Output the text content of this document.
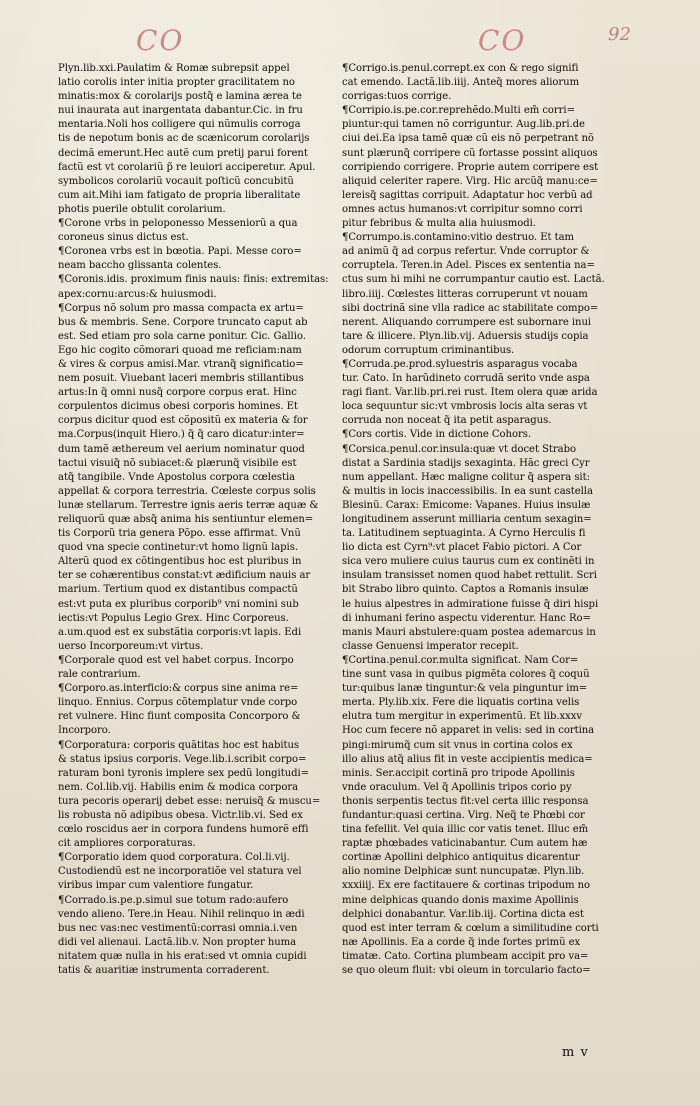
CO	CO	92
Plyn.lib.xxi.Paulatim & Romæ subrepsit appel
latio corolis inter initia propter gracilitatem no
minatis:mox & corolarijs postq̃ e lamina ærea te
nui inaurata aut inargentata dabantur.Cic. in fru
mentaria.Noli hos colligere qui nũmulis corroga
tis de nepotum bonis ac de scænicorum corolarijs
decimã emerunt.Hec autẽ cum pretij parui forent
factũ est vt corolariũ p̃ re leuiori acciperetur. Apul.
symbolicos corolariũ vocauit poſticũ concubitũ
cum ait.Mihi iam fatigato de propria liberalitate
photis puerile obtulit corolarium.
¶Corone vrbs in peloponesso Messeniorũ a qua
coroneus sinus dictus est.
¶Coronea vrbs est in bœotia. Papi. Messe coro=
neam baccho glissanta colentes.
¶Coronis.idis. proximum finis nauis: finis: extremitas:
apex:cornu:arcus:& huiusmodi.
¶Corpus nõ solum pro massa compacta ex artu=
bus & membris. Sene. Corpore truncato caput ab
est. Sed etiam pro sola carne ponitur. Cic. Gallio.
Ego hic cogito cõmorari quoad me reficiam:nam
& vires & corpus amisi.Mar. vtranq̃ significatio=
nem posuit. Viuebant laceri membris stillantibus
artus:In q̃ omni nusq̃ corpore corpus erat. Hinc
corpulentos dicimus obesi corporis homines. Et
corpus dicitur quod est cõpositũ ex materia & for
ma.Corpus(inquit Hiero.) q̃ q̃ caro dicatur:inter=
dum tamẽ æthereum vel aerium nominatur quod
tactui visuiq̃ nõ subiacet:& plærunq̃ visibile est
atq̃ tangibile. Vnde Apostolus corpora cœlestia
appellat & corpora terrestria. Cœleste corpus solis
lunæ stellarum. Terrestre ignis aeris terræ aquæ &
reliquorũ quæ absq̃ anima his sentiuntur elemen=
tis Corporũ tria genera Põpo. esse affirmat. Vnũ
quod vna specie continetur:vt homo lignũ lapis.
Alterũ quod ex cõtingentibus hoc est pluribus in
ter se cohærentibus constat:vt ædificium nauis ar
marium. Tertium quod ex distantibus compactũ
est:vt puta ex pluribus corporib⁹ vni nomini sub
iectis:vt Populus Legio Grex. Hinc Corporeus.
a.um.quod est ex substãtia corporis:vt lapis. Edi
uerso Incorporeum:vt virtus.
¶Corporale quod est vel habet corpus. Incorpo
rale contrarium.
¶Corporo.as.interficio:& corpus sine anima re=
linquo. Ennius. Corpus cõtemplatur vnde corpo
ret vulnere. Hinc fiunt composita Concorporo &
Incorporo.
¶Corporatura: corporis quãtitas hoc est habitus
& status ipsius corporis. Vege.lib.i.scribit corpo=
raturam boni tyronis implere sex pedũ longitudi=
nem. Col.lib.vij. Habilis enim & modica corpora
tura pecoris operarij debet esse: neruisq̃ & muscu=
lis robusta nõ adipibus obesa. Victr.lib.vi. Sed ex
cœlo roscidus aer in corpora fundens humorẽ effi
cit ampliores corporaturas.
¶Corporatio idem quod corporatura. Col.li.vij.
Custodiendũ est ne incorporatiõe vel statura vel
viribus impar cum valentiore fungatur.
¶Corrado.is.pe.p.simul sue totum rado:aufero
vendo alieno. Tere.in Heau. Nihil relinquo in ædi
bus nec vas:nec vestimentũ:corrasi omnia.i.ven
didi vel alienaui. Lactã.lib.v. Non propter huma
nitatem quæ nulla in his erat:sed vt omnia cupidi
tatis & auaritiæ instrumenta corraderent.
¶Corrigo.is.penul.corrept.ex con & rego signifi
cat emendo. Lactã.lib.iiij. Anteq̃ mores aliorum
corrigas:tuos corrige.
¶Corripio.is.pe.cor.reprehẽdo.Multi em̃ corri=
piuntur:qui tamen nõ corriguntur. Aug.lib.pri.de
ciui dei.Ea ipsa tamẽ quæ cũ eis nõ perpetrant nõ
sunt plærunq̃ corripere cũ fortasse possint aliquos
corripiendo corrigere. Proprie autem corripere est
aliquid celeriter rapere. Virg. Hic arcũq̃ manu:ce=
lereisq̃ sagittas corripuit. Adaptatur hoc verbũ ad
omnes actus humanos:vt corripitur somno corri
pitur febribus & multa alia huiusmodi.
¶Corrumpo.is.contamino:vitio destruo. Et tam
ad animũ q̃ ad corpus refertur. Vnde corruptor &
corruptela. Teren.in Adel. Pisces ex sententia na=
ctus sum hi mihi ne corrumpantur cautio est. Lactã.
libro.iiij. Cœlestes litteras corruperunt vt nouam
sibi doctrinã sine vlla radice ac stabilitate compo=
nerent. Aliquando corrumpere est subornare inui
tare & illicere. Plyn.lib.vij. Aduersis studijs copia
odorum corruptum criminantibus.
¶Corruda.pe.prod.syluestris asparagus vocaba
tur. Cato. In harũdineto corrudã serito vnde aspa
ragi fiant. Var.lib.pri.rei rust. Item olera quæ arida
loca sequuntur sic:vt vmbrosis locis alta seras vt
corruda non noceat q̃ ita petit asparagus.
¶Cors cortis. Vide in dictione Cohors.
¶Corsica.penul.cor.insula:quæ vt docet Strabo
distat a Sardinia stadijs sexaginta. Hãc greci Cyr
num appellant. Hæc maligne colitur q̃ aspera sit:
& multis in locis inaccessibilis. In ea sunt castella
Blesinũ. Carax: Emicome: Vapanes. Huius insulæ
longitudinem asserunt milliaria centum sexagin=
ta. Latitudinem septuaginta. A Cyrno Herculis fi
lio dicta est Cyrn⁹:vt placet Fabio pictori. A Cor
sica vero muliere cuius taurus cum ex continẽti in
insulam transisset nomen quod habet rettulit. Scri
bit Strabo libro quinto. Captos a Romanis insulæ
le huius alpestres in admiratione fuisse q̃ diri hispi
di inhumani ferino aspectu viderentur. Hanc Ro=
manis Mauri abstulere:quam postea ademarcus in
classe Genuensi imperator recepit.
¶Cortina.penul.cor.multa significat. Nam Cor=
tine sunt vasa in quibus pigmẽta colores q̃ coquũ
tur:quibus lanæ tinguntur:& vela pinguntur im=
merta. Ply.lib.xix. Fere die liquatis cortina velis
elutra tum mergitur in experimentũ. Et lib.xxxv
Hoc cum fecere nõ apparet in velis: sed in cortina
pingi:mirumq̃ cum sit vnus in cortina colos ex
illo alius atq̃ alius fit in veste accipientis medica=
minis. Ser.accipit cortinã pro tripode Apollinis
vnde oraculum. Vel q̃ Apollinis tripos corio py
thonis serpentis tectus fit:vel certa illic responsa
fundantur:quasi certina. Virg. Neq̃ te Phœbi cor
tina fefellit. Vel quia illic cor vatis tenet. Illuc em̃
raptæ phœbades vaticinabantur. Cum autem hæ
cortinæ Apollini delphico antiquitus dicarentur
alio nomine Delphicæ sunt nuncupatæ. Plyn.lib.
xxxiiij. Ex ere factitauere & cortinas tripodum no
mine delphicas quando donis maxime Apollinis
delphici donabantur. Var.lib.iij. Cortina dicta est
quod est inter terram & cœlum a similitudine corti
næ Apollinis. Ea a corde q̃ inde fortes primũ ex
timatæ. Cato. Cortina plumbeam accipit pro va=
se quo oleum fluit: vbi oleum in torculario facto=
m v
